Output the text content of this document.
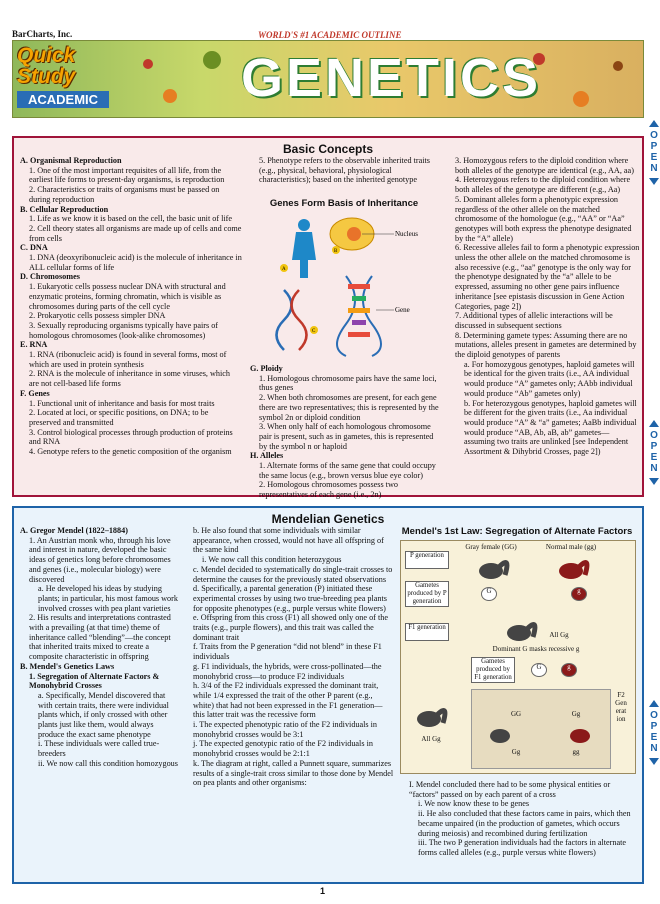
BarCharts, Inc.	WORLD'S #1 ACADEMIC OUTLINE
Quick
Study
ACADEMIC	GENETICS
OPEN
OPEN
OPEN
Basic Concepts
A. Organismal Reproduction
1. One of the most important requisites of all life, from the earliest life forms to present-day organisms, is reproduction
2. Characteristics or traits of organisms must be passed on during reproduction
B. Cellular Reproduction
1. Life as we know it is based on the cell, the basic unit of life
2. Cell theory states all organisms are made up of cells and come from cells
C. DNA
1. DNA (deoxyribonucleic acid) is the molecule of inheritance in ALL cellular forms of life
D. Chromosomes
1. Eukaryotic cells possess nuclear DNA with structural and enzymatic proteins, forming chromatin, which is visible as chromosomes during parts of the cell cycle
2. Prokaryotic cells possess simpler DNA
3. Sexually reproducing organisms typically have pairs of homologous chromosomes (look-alike chromosomes)
E. RNA
1. RNA (ribonucleic acid) is found in several forms, most of which are used in protein synthesis
2. RNA is the molecule of inheritance in some viruses, which are not cell-based life forms
F. Genes
1. Functional unit of inheritance and basis for most traits
2. Located at loci, or specific positions, on DNA; to be preserved and transmitted
3. Control biological processes through production of proteins and RNA
4. Genotype refers to the genetic composition of the organism
5. Phenotype refers to the observable inherited traits (e.g., physical, behavioral, physiological characteristics); based on the inherited genotype
Genes Form Basis of Inheritance
Nucleus
Gene
A
B
C
G. Ploidy
1. Homologous chromosome pairs have the same loci, thus genes
2. When both chromosomes are present, for each gene there are two representatives; this is represented by the symbol 2n or diploid condition
3. When only half of each homologous chromosome pair is present, such as in gametes, this is represented by the symbol n or haploid
H. Alleles
1. Alternate forms of the same gene that could occupy the same locus (e.g., brown versus blue eye color)
2. Homologous chromosomes possess two representatives of each gene (i.e., 2n)
3. Homozygous refers to the diploid condition where both alleles of the genotype are identical (e.g., AA, aa)
4. Heterozygous refers to the diploid condition where both alleles of the genotype are different (e.g., Aa)
5. Dominant alleles form a phenotypic expression regardless of the other allele on the matched chromosome of the homologue (e.g., “AA” or “Aa” genotypes will both express the phenotype designated by the “A” allele)
6. Recessive alleles fail to form a phenotypic expression unless the other allele on the matched chromosome is also recessive (e.g., “aa” genotype is the only way for the phenotype designated by the “a” allele to be expressed, assuming no other gene pairs influence inheritance [see epistasis discussion in Gene Action Categories, page 2])
7. Additional types of allelic interactions will be discussed in subsequent sections
8. Determining gamete types: Assuming there are no mutations, alleles present in gametes are determined by the diploid genotypes of parents
a. For homozygous genotypes, haploid gametes will be identical for the given traits (i.e., AA individual would produce “A” gametes only; AAbb individual would produce “Ab” gametes only)
b. For heterozygous genotypes, haploid gametes will be different for the given traits (i.e., Aa individual would produce “A” & “a” gametes; AaBb individual would produce “AB, Ab, aB, ab” gametes—assuming two traits are unlinked [see Independent Assortment & Dihybrid Crosses, page 2])
Mendelian Genetics
A. Gregor Mendel (1822–1884)
1. An Austrian monk who, through his love and interest in nature, developed the basic ideas of genetics long before chromosomes and genes (i.e., molecular biology) were discovered
a. He developed his ideas by studying plants; in particular, his most famous work involved crosses with pea plant varieties
2. His results and interpretations contrasted with a prevailing (at that time) theme of inheritance called “blending”—the concept that inherited traits mixed to create a composite characteristic in offspring
B. Mendel's Genetics Laws
1. Segregation of Alternate Factors & Monohybrid Crosses
a. Specifically, Mendel discovered that with certain traits, there were individual plants which, if only crossed with other plants just like them, would always produce the exact same phenotype
i. These individuals were called true-breeders
ii. We now call this condition homozygous
b. He also found that some individuals with similar appearance, when crossed, would not have all offspring of the same kind
i. We now call this condition heterozygous
c. Mendel decided to systematically do single-trait crosses to determine the causes for the previously stated observations
d. Specifically, a parental generation (P) initiated these experimental crosses by using two true-breeding pea plants for opposite phenotypes (e.g., purple versus white flowers)
e. Offspring from this cross (F1) all showed only one of the traits (e.g., purple flowers), and this trait was called the dominant trait
f. Traits from the P generation “did not blend” in these F1 individuals
g. F1 individuals, the hybrids, were cross-pollinated—the monohybrid cross—to produce F2 individuals
h. 3/4 of the F2 individuals expressed the dominant trait, while 1/4 expressed the trait of the other P parent (e.g., white) that had not been expressed in the F1 generation—this latter trait was the recessive form
i. The expected phenotypic ratio of the F2 individuals in monohybrid crosses would be 3:1
j. The expected genotypic ratio of the F2 individuals in monohybrid crosses would be 2:1:1
k. The diagram at right, called a Punnett square, summarizes results of a single-trait cross similar to those done by Mendel on pea plants and other organisms:
Mendel's 1st Law: Segregation of Alternate Factors
P generation
Gray female (GG)	Normal male (gg)
Gametes produced by P generation
G	g
F1 generation
All Gg
Dominant G masks recessive g
Gametes produced by F1 generation
G	g
GG	Gg
Gg	gg
F2 Generation
All Gg
I. Mendel concluded there had to be some physical entities or “factors” passed on by each parent of a cross
i. We now know these to be genes
ii. He also concluded that these factors came in pairs, which then became unpaired (in the production of gametes, which occurs during meiosis) and recombined during fertilization
iii. The two P generation individuals had the factors in alternate forms called alleles (e.g., purple versus white flowers)
1
